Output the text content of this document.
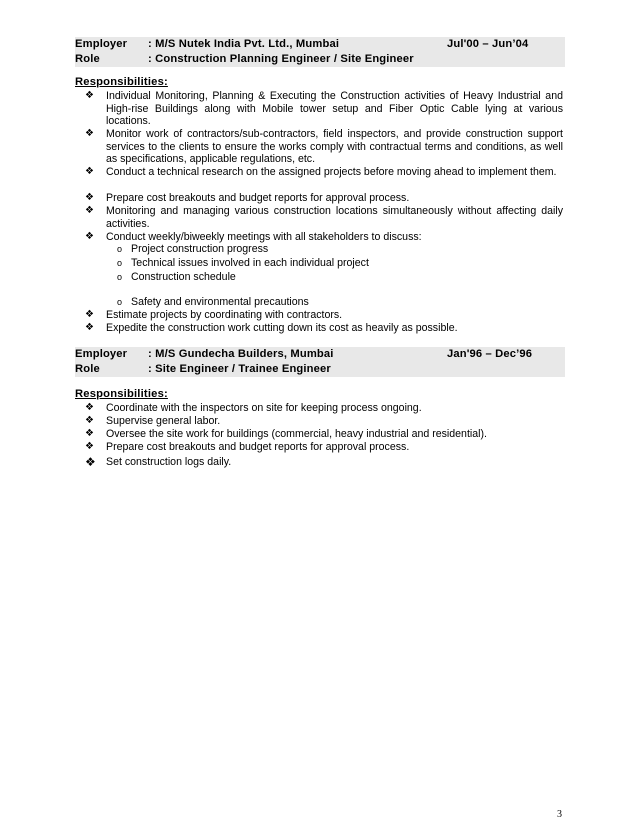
Employer : M/S Nutek India Pvt. Ltd., Mumbai	Jul'00 – Jun’04
Role	: Construction Planning Engineer / Site Engineer
Responsibilities:
❖ Individual Monitoring, Planning & Executing the Construction activities of Heavy Industrial and High-rise Buildings along with Mobile tower setup and Fiber Optic Cable lying at various locations.
❖ Monitor work of contractors/sub-contractors, field inspectors, and provide construction support services to the clients to ensure the works comply with contractual terms and conditions, as well as specifications, applicable regulations, etc.
❖ Conduct a technical research on the assigned projects before moving ahead to implement them.
❖ Prepare cost breakouts and budget reports for approval process.
❖ Monitoring and managing various construction locations simultaneously without affecting daily activities.
❖ Conduct weekly/biweekly meetings with all stakeholders to discuss:
o Project construction progress
o Technical issues involved in each individual project
o Construction schedule
o Safety and environmental precautions
❖ Estimate projects by coordinating with contractors.
❖ Expedite the construction work cutting down its cost as heavily as possible.
Employer : M/S Gundecha Builders, Mumbai	Jan'96 – Dec’96
Role	: Site Engineer / Trainee Engineer
Responsibilities:
❖ Coordinate with the inspectors on site for keeping process ongoing.
❖ Supervise general labor.
❖ Oversee the site work for buildings (commercial, heavy industrial and residential).
❖ Prepare cost breakouts and budget reports for approval process.
❖ Set construction logs daily.
3
